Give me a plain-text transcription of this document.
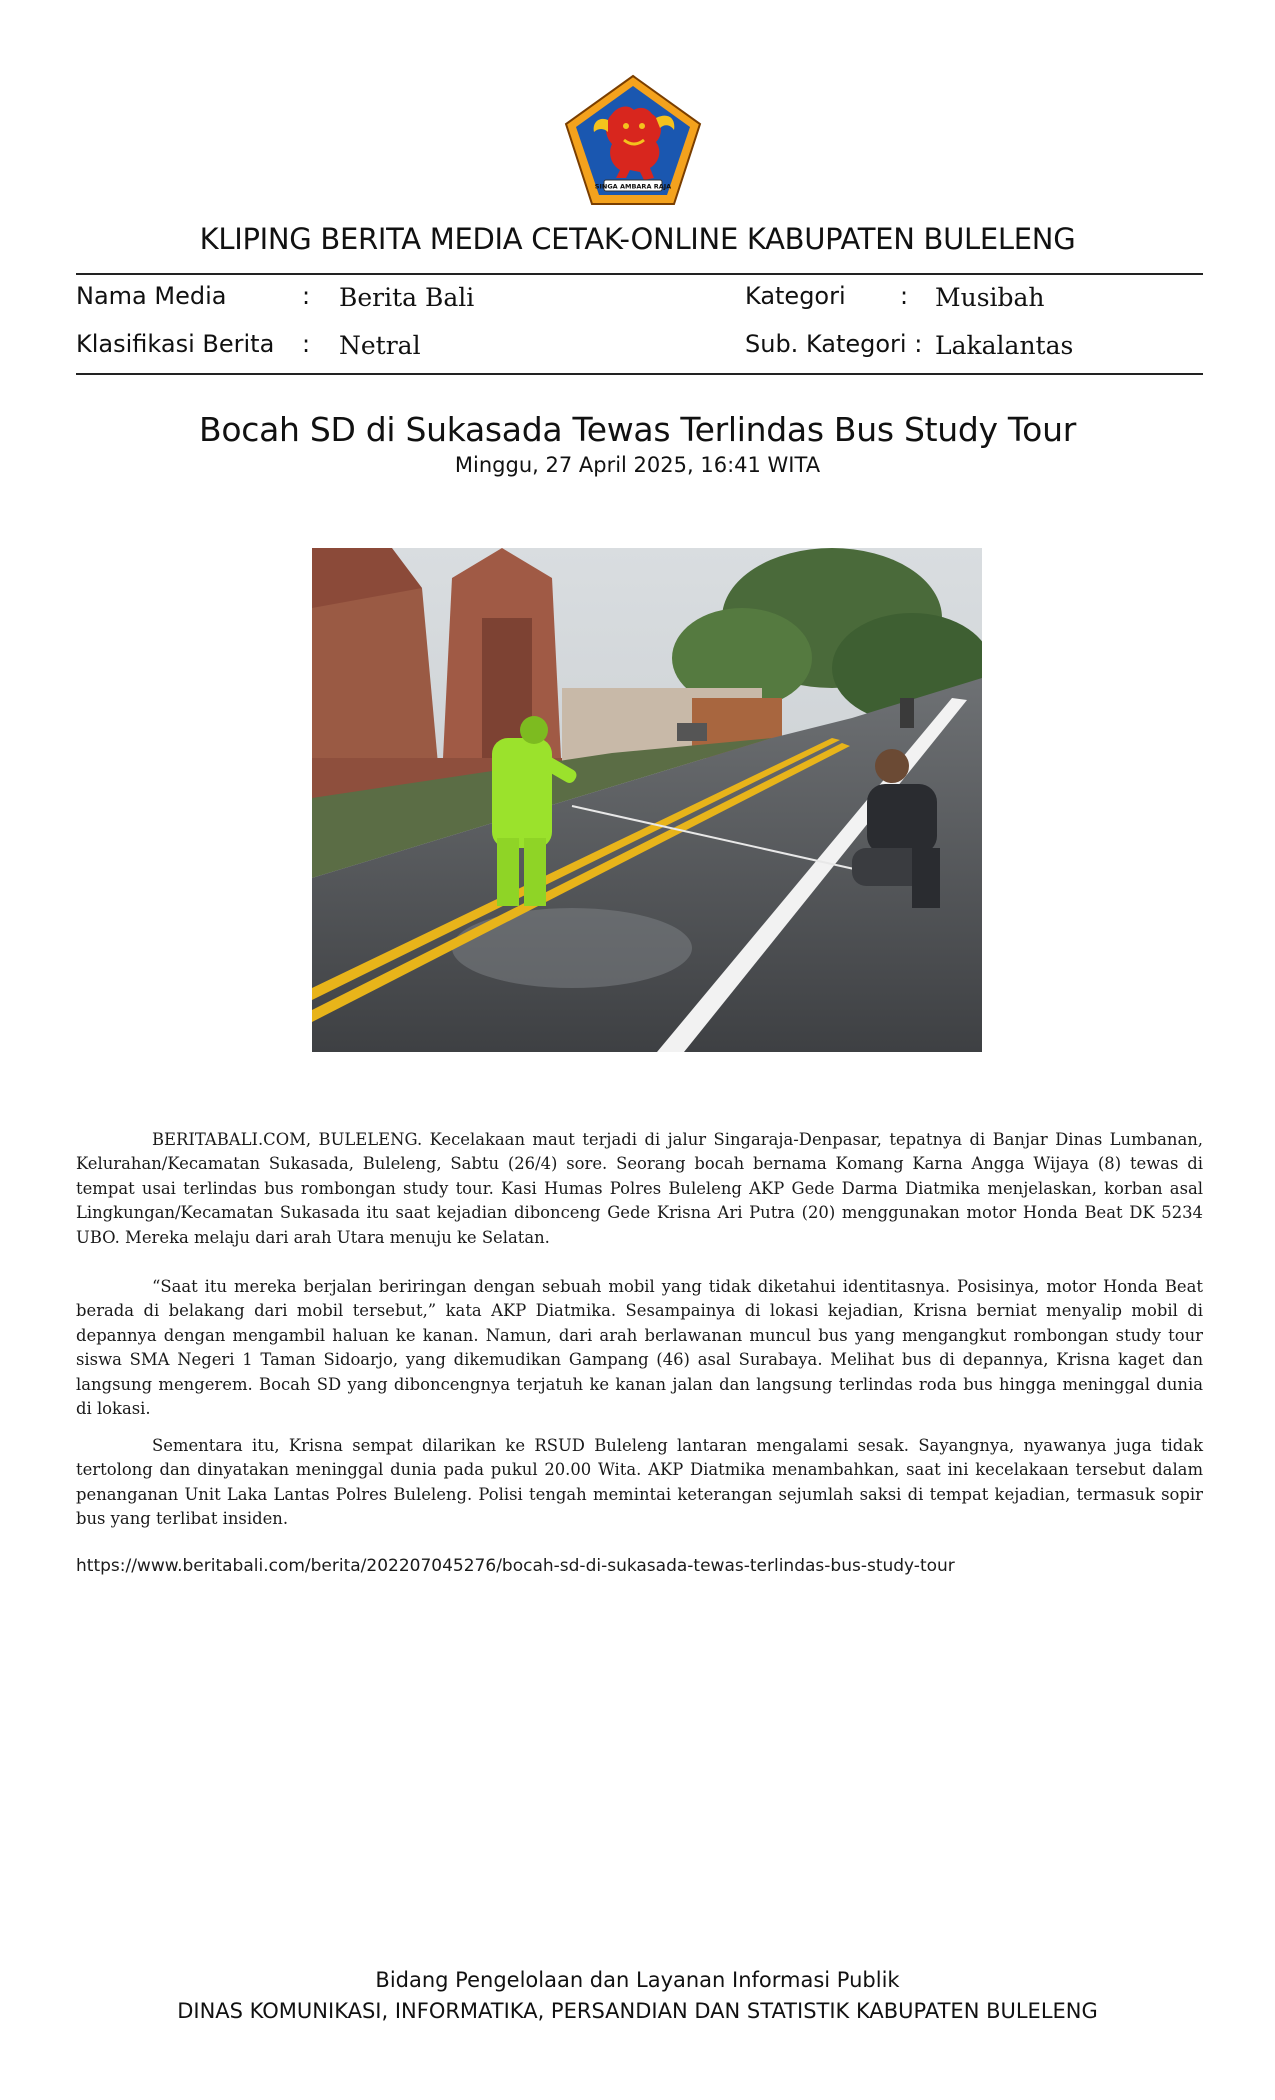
SINGA AMBARA RAJA
KLIPING BERITA MEDIA CETAK-ONLINE KABUPATEN BULELENG
Nama Media	: Berita Bali	Kategori : Musibah
Klasifikasi Berita : Netral	Sub. Kategori : Lakalantas
Bocah SD di Sukasada Tewas Terlindas Bus Study Tour
Minggu, 27 April 2025, 16:41 WITA

BERITABALI.COM, BULELENG. Kecelakaan maut terjadi di jalur Singaraja-Denpasar, tepatnya di Banjar Dinas Lumbanan, Kelurahan/Kecamatan Sukasada, Buleleng, Sabtu (26/4) sore. Seorang bocah bernama Komang Karna Angga Wijaya (8) tewas di tempat usai terlindas bus rombongan study tour. Kasi Humas Polres Buleleng AKP Gede Darma Diatmika menjelaskan, korban asal Lingkungan/Kecamatan Sukasada itu saat kejadian dibonceng Gede Krisna Ari Putra (20) menggunakan motor Honda Beat DK 5234 UBO. Mereka melaju dari arah Utara menuju ke Selatan.

“Saat itu mereka berjalan beriringan dengan sebuah mobil yang tidak diketahui identitasnya. Posisinya, motor Honda Beat berada di belakang dari mobil tersebut,” kata AKP Diatmika. Sesampainya di lokasi kejadian, Krisna berniat menyalip mobil di depannya dengan mengambil haluan ke kanan. Namun, dari arah berlawanan muncul bus yang mengangkut rombongan study tour siswa SMA Negeri 1 Taman Sidoarjo, yang dikemudikan Gampang (46) asal Surabaya. Melihat bus di depannya, Krisna kaget dan langsung mengerem. Bocah SD yang diboncengnya terjatuh ke kanan jalan dan langsung terlindas roda bus hingga meninggal dunia di lokasi.

Sementara itu, Krisna sempat dilarikan ke RSUD Buleleng lantaran mengalami sesak. Sayangnya, nyawanya juga tidak tertolong dan dinyatakan meninggal dunia pada pukul 20.00 Wita. AKP Diatmika menambahkan, saat ini kecelakaan tersebut dalam penanganan Unit Laka Lantas Polres Buleleng. Polisi tengah memintai keterangan sejumlah saksi di tempat kejadian, termasuk sopir bus yang terlibat insiden.

https://www.beritabali.com/berita/202207045276/bocah-sd-di-sukasada-tewas-terlindas-bus-study-tour
Bidang Pengelolaan dan Layanan Informasi Publik
DINAS KOMUNIKASI, INFORMATIKA, PERSANDIAN DAN STATISTIK KABUPATEN BULELENG
